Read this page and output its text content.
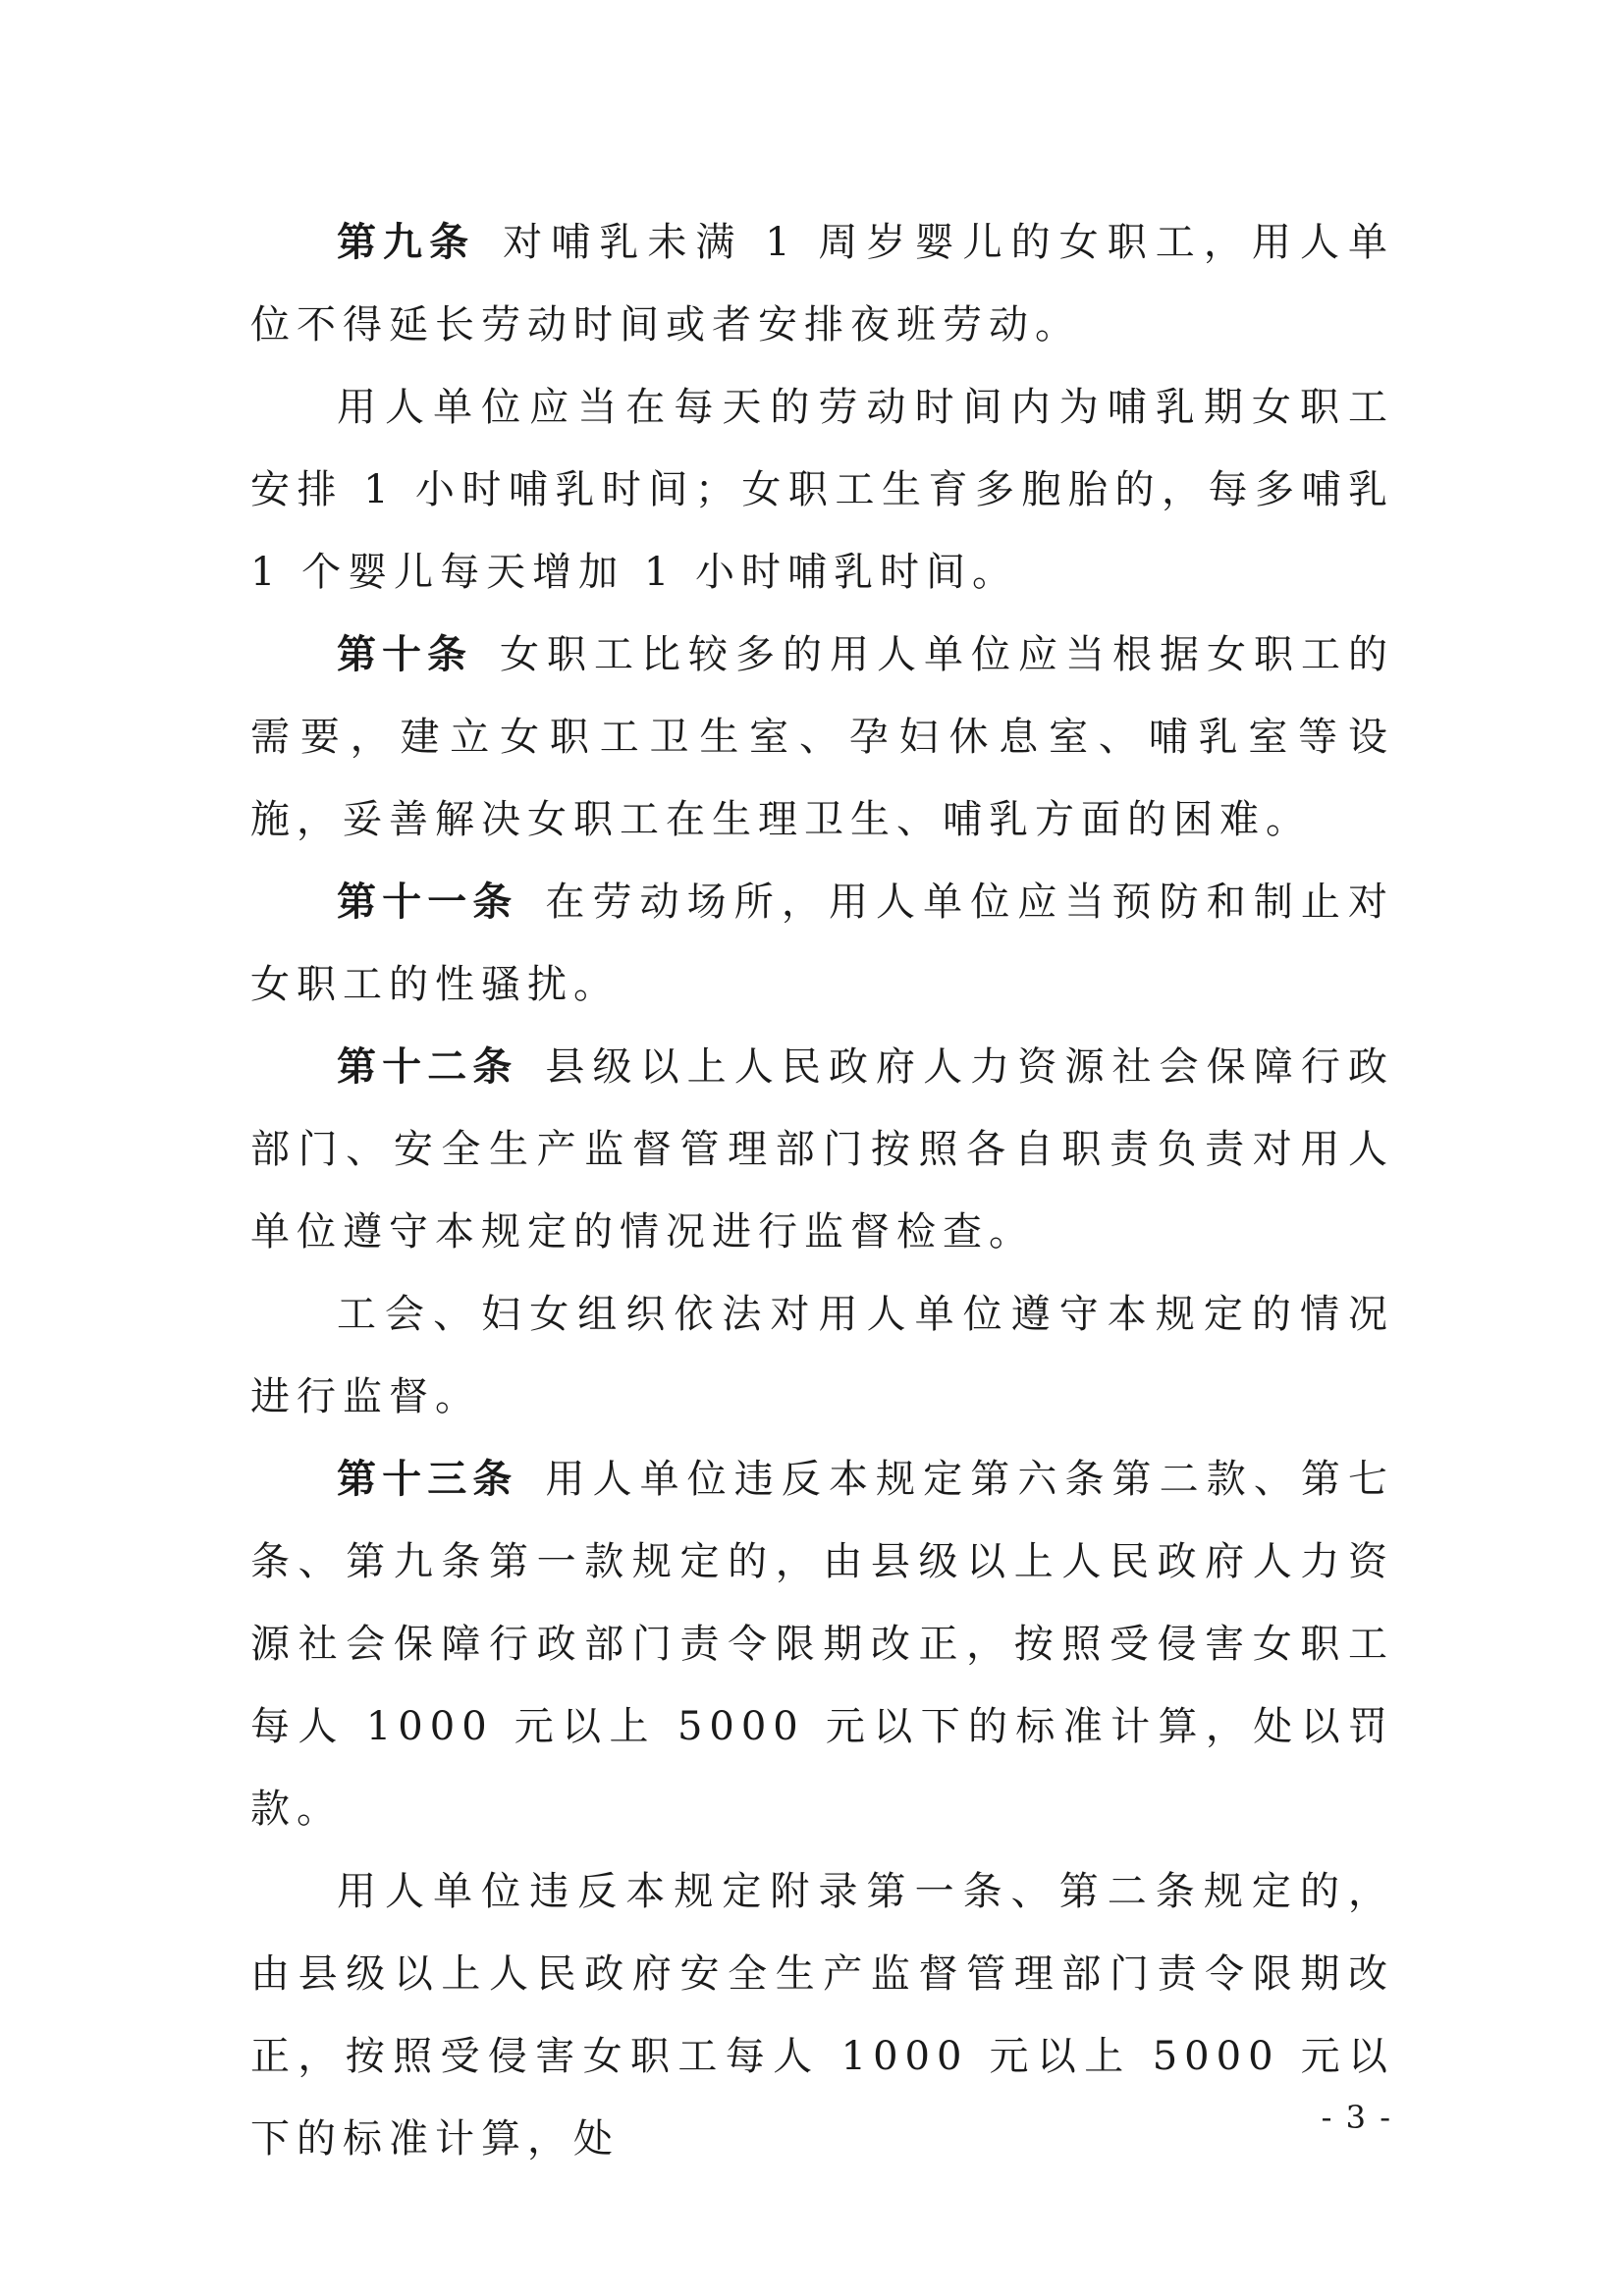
第九条 对哺乳未满 1 周岁婴儿的女职工，用人单位不得延长劳动时间或者安排夜班劳动。

用人单位应当在每天的劳动时间内为哺乳期女职工安排 1 小时哺乳时间；女职工生育多胞胎的，每多哺乳 1 个婴儿每天增加 1 小时哺乳时间。

第十条 女职工比较多的用人单位应当根据女职工的需要，建立女职工卫生室、孕妇休息室、哺乳室等设施，妥善解决女职工在生理卫生、哺乳方面的困难。

第十一条 在劳动场所，用人单位应当预防和制止对女职工的性骚扰。

第十二条 县级以上人民政府人力资源社会保障行政部门、安全生产监督管理部门按照各自职责负责对用人单位遵守本规定的情况进行监督检查。

工会、妇女组织依法对用人单位遵守本规定的情况进行监督。

第十三条 用人单位违反本规定第六条第二款、第七条、第九条第一款规定的，由县级以上人民政府人力资源社会保障行政部门责令限期改正，按照受侵害女职工每人 1000 元以上 5000 元以下的标准计算，处以罚款。

用人单位违反本规定附录第一条、第二条规定的，由县级以上人民政府安全生产监督管理部门责令限期改正，按照受侵害女职工每人 1000 元以上 5000 元以下的标准计算，处	- 3 -
